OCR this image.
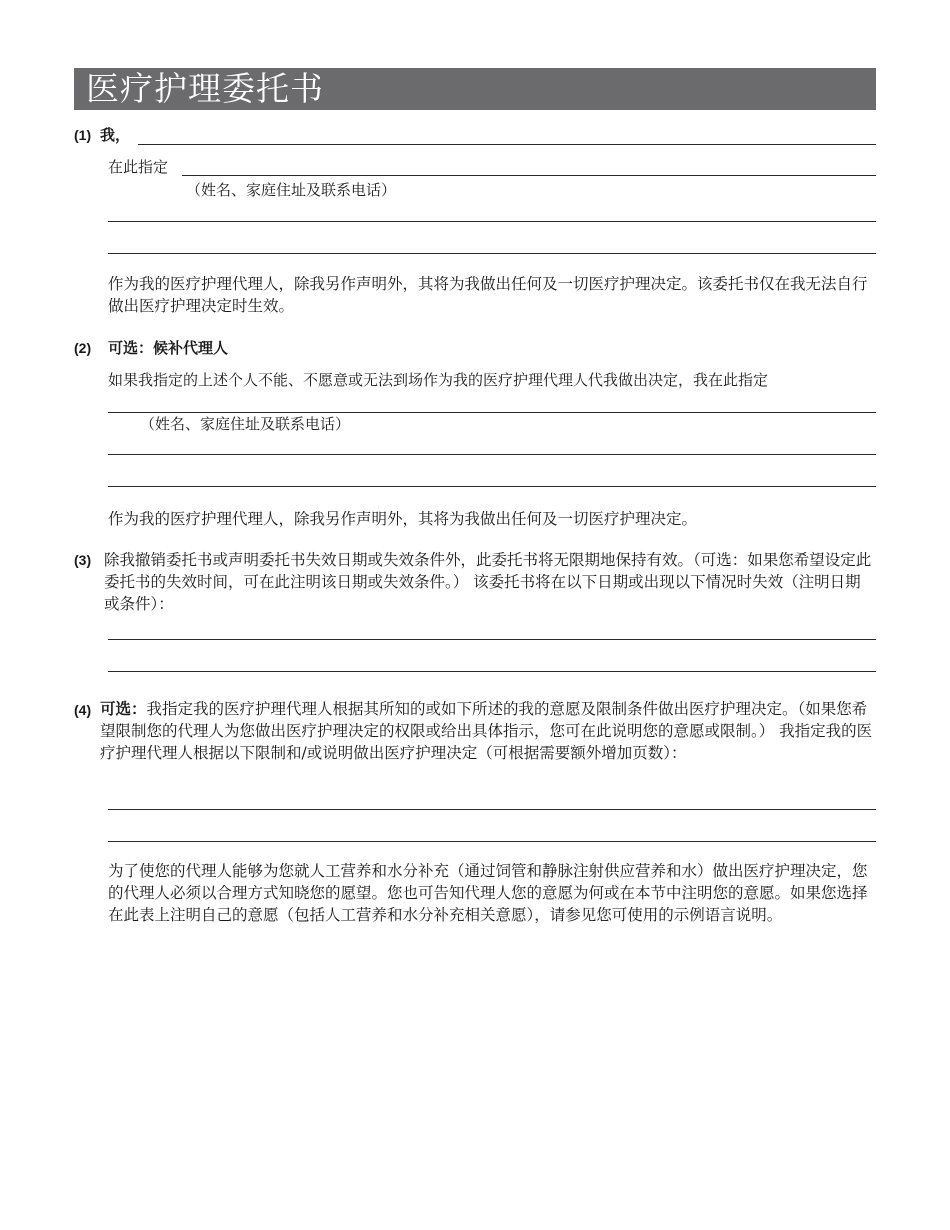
医疗护理委托书
(1) 我，
在此指定
（姓名、家庭住址及联系电话）
作为我的医疗护理代理人，除我另作声明外，其将为我做出任何及一切医疗护理决定。该委托书仅在我无法自行做出医疗护理决定时生效。
(2) 可选：候补代理人
如果我指定的上述个人不能、不愿意或无法到场作为我的医疗护理代理人代我做出决定，我在此指定
（姓名、家庭住址及联系电话）
作为我的医疗护理代理人，除我另作声明外，其将为我做出任何及一切医疗护理决定。
(3) 除我撤销委托书或声明委托书失效日期或失效条件外，此委托书将无限期地保持有效。（可选：如果您希望设定此委托书的失效时间，可在此注明该日期或失效条件。） 该委托书将在以下日期或出现以下情况时失效（注明日期或条件）：
(4) 可选：我指定我的医疗护理代理人根据其所知的或如下所述的我的意愿及限制条件做出医疗护理决定。（如果您希望限制您的代理人为您做出医疗护理决定的权限或给出具体指示，您可在此说明您的意愿或限制。） 我指定我的医疗护理代理人根据以下限制和/或说明做出医疗护理决定（可根据需要额外增加页数）：
为了使您的代理人能够为您就人工营养和水分补充（通过饲管和静脉注射供应营养和水）做出医疗护理决定，您的代理人必须以合理方式知晓您的愿望。您也可告知代理人您的意愿为何或在本节中注明您的意愿。如果您选择在此表上注明自己的意愿（包括人工营养和水分补充相关意愿），请参见您可使用的示例语言说明。
